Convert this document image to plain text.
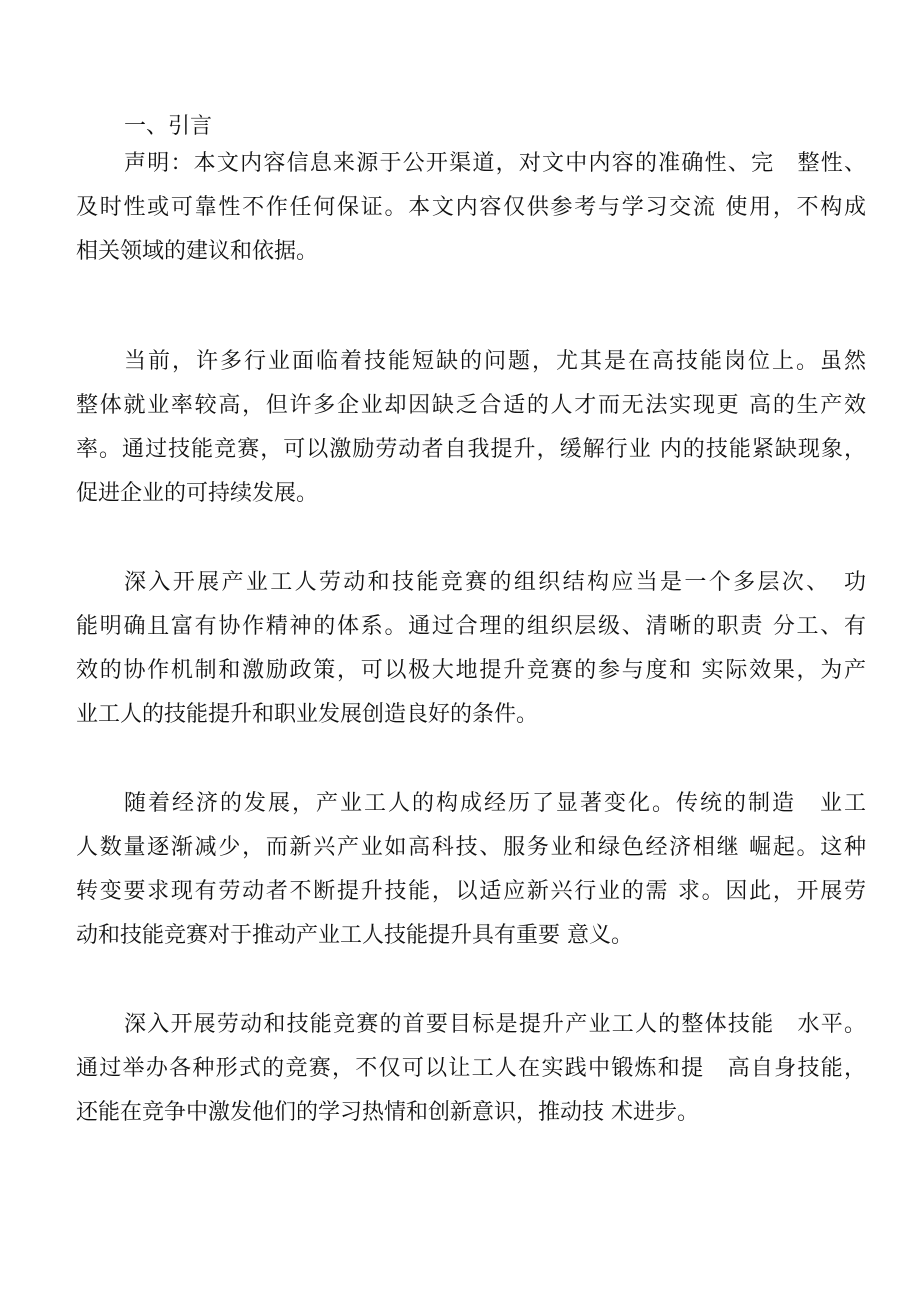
一、引言
声明：本文内容信息来源于公开渠道，对文中内容的准确性、完　整性、
及时性或可靠性不作任何保证。本文内容仅供参考与学习交流 使用，不构成
相关领域的建议和依据。
当前，许多行业面临着技能短缺的问题，尤其是在高技能岗位上。虽然
整体就业率较高，但许多企业却因缺乏合适的人才而无法实现更 高的生产效
率。通过技能竞赛，可以激励劳动者自我提升，缓解行业 内的技能紧缺现象，
促进企业的可持续发展。
深入开展产业工人劳动和技能竞赛的组织结构应当是一个多层次、　功
能明确且富有协作精神的体系。通过合理的组织层级、清晰的职责 分工、有
效的协作机制和激励政策，可以极大地提升竞赛的参与度和 实际效果，为产
业工人的技能提升和职业发展创造良好的条件。
随着经济的发展，产业工人的构成经历了显著变化。传统的制造　业工
人数量逐渐减少，而新兴产业如高科技、服务业和绿色经济相继 崛起。这种
转变要求现有劳动者不断提升技能，以适应新兴行业的需 求。因此，开展劳
动和技能竞赛对于推动产业工人技能提升具有重要 意义。
深入开展劳动和技能竞赛的首要目标是提升产业工人的整体技能　水平。
通过举办各种形式的竞赛，不仅可以让工人在实践中锻炼和提　高自身技能，
还能在竞争中激发他们的学习热情和创新意识，推动技 术进步。
